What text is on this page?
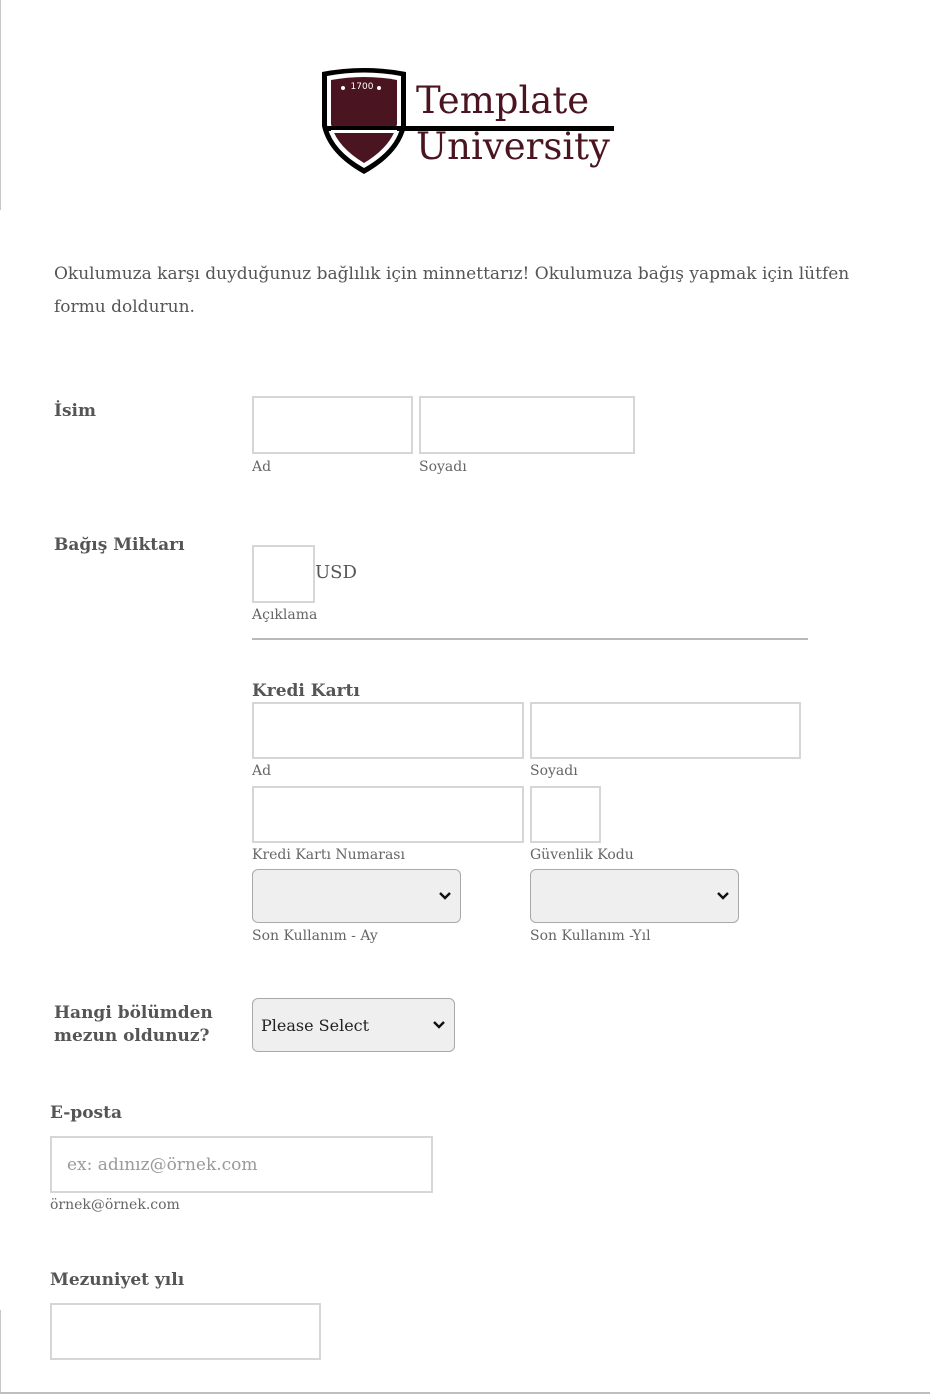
1700 Template
University
Okulumuza karşı duyduğunuz bağlılık için minnettarız! Okulumuza bağış yapmak için lütfen formu doldurun.
İsim
Ad	Soyadı
Bağış Miktarı
USD
Açıklama
Kredi Kartı
Ad	Soyadı
Kredi Kartı Numarası	Güvenlik Kodu
Son Kullanım - Ay	Son Kullanım -Yıl
Hangi bölümden
mezun oldunuz?
Please Select
E-posta
ex: adınız@örnek.com
örnek@örnek.com
Mezuniyet yılı
